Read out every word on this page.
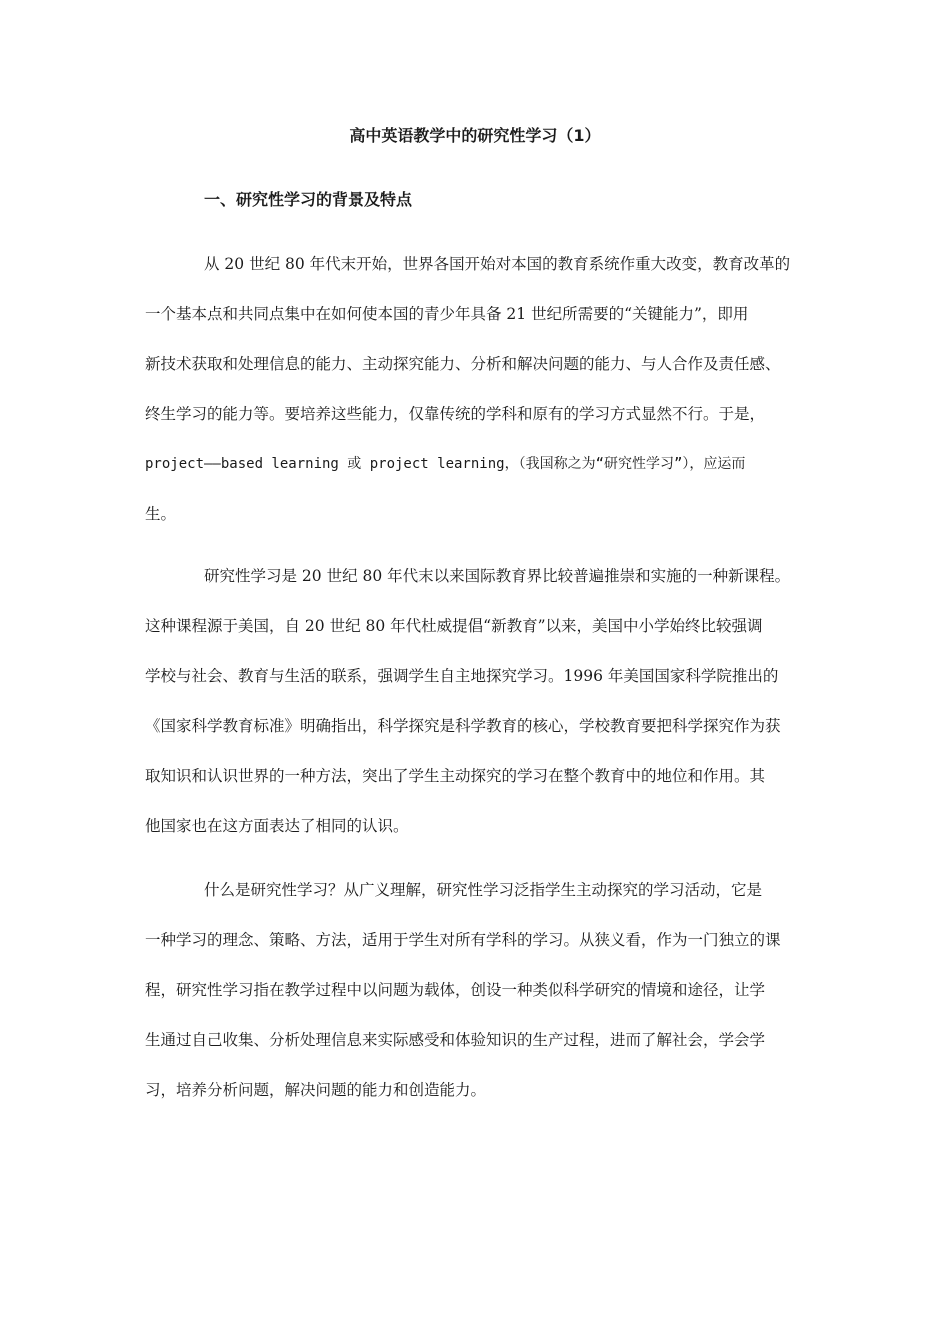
高中英语教学中的研究性学习（1）
一、研究性学习的背景及特点
从 20 世纪 80 年代末开始，世界各国开始对本国的教育系统作重大改变，教育改革的
一个基本点和共同点集中在如何使本国的青少年具备 21 世纪所需要的“关键能力”，即用
新技术获取和处理信息的能力、主动探究能力、分析和解决问题的能力、与人合作及责任感、
终生学习的能力等。要培养这些能力，仅靠传统的学科和原有的学习方式显然不行。于是，
project——based learning 或 project learning，（我国称之为“研究性学习”），应运而
生。
研究性学习是 20 世纪 80 年代末以来国际教育界比较普遍推崇和实施的一种新课程。
这种课程源于美国，自 20 世纪 80 年代杜威提倡“新教育”以来，美国中小学始终比较强调
学校与社会、教育与生活的联系，强调学生自主地探究学习。1996 年美国国家科学院推出的
《国家科学教育标准》明确指出，科学探究是科学教育的核心，学校教育要把科学探究作为获
取知识和认识世界的一种方法，突出了学生主动探究的学习在整个教育中的地位和作用。其
他国家也在这方面表达了相同的认识。
什么是研究性学习？从广义理解，研究性学习泛指学生主动探究的学习活动，它是
一种学习的理念、策略、方法，适用于学生对所有学科的学习。从狭义看，作为一门独立的课
程，研究性学习指在教学过程中以问题为载体，创设一种类似科学研究的情境和途径，让学
生通过自己收集、分析处理信息来实际感受和体验知识的生产过程，进而了解社会，学会学
习，培养分析问题，解决问题的能力和创造能力。
